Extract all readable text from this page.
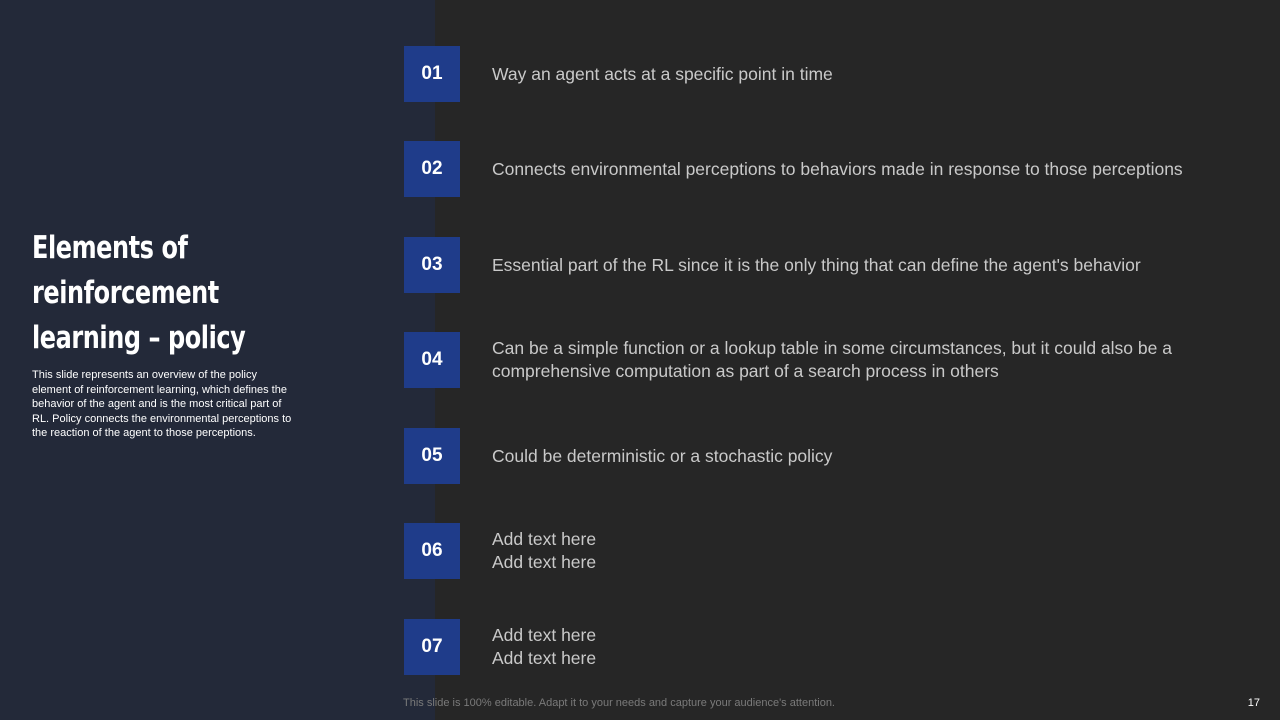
Elements of
reinforcement
learning – policy

This slide represents an overview of the policy element of reinforcement learning, which defines the behavior of the agent and is the most critical part of RL. Policy connects the environmental perceptions to the reaction of the agent to those perceptions.

01	Way an agent acts at a specific point in time
02	Connects environmental perceptions to behaviors made in response to those perceptions
03	Essential part of the RL since it is the only thing that can define the agent's behavior
04
Can be a simple function or a lookup table in some circumstances, but it could also be a
comprehensive computation as part of a search process in others
05	Could be deterministic or a stochastic policy
06
Add text here
Add text here
07
Add text here
Add text here
This slide is 100% editable. Adapt it to your needs and capture your audience's attention.	17
